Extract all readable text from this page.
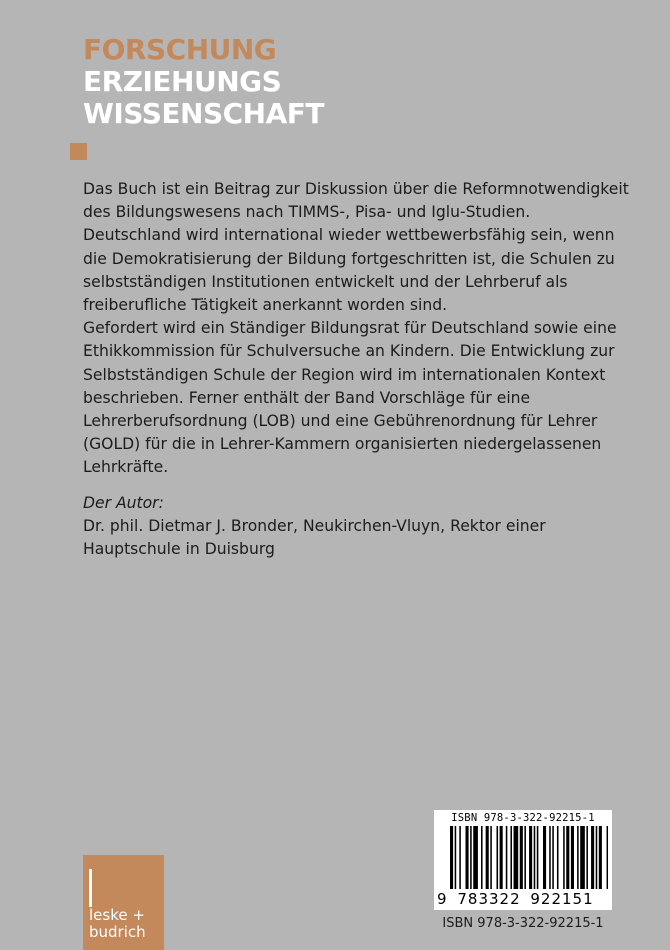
FORSCHUNG
ERZIEHUNGS
WISSENSCHAFT

Das Buch ist ein Beitrag zur Diskussion über die Reformnotwendigkeit des Bildungswesens nach TIMMS-, Pisa- und Iglu-Studien.

Deutschland wird international wieder wettbewerbsfähig sein, wenn die Demokratisierung der Bildung fortgeschritten ist, die Schulen zu selbstständigen Institutionen entwickelt und der Lehrberuf als freiberufliche Tätigkeit anerkannt worden sind.

Gefordert wird ein Ständiger Bildungsrat für Deutschland sowie eine Ethikkommission für Schulversuche an Kindern. Die Entwicklung zur Selbstständigen Schule der Region wird im internationalen Kontext beschrieben. Ferner enthält der Band Vorschläge für eine Lehrerberufsordnung (LOB) und eine Gebührenordnung für Lehrer (GOLD) für die in Lehrer-Kammern organisierten niedergelassenen Lehrkräfte.

Der Autor:

Dr. phil. Dietmar J. Bronder, Neukirchen-Vluyn, Rektor einer Hauptschule in Duisburg

ISBN 978-3-322-92215-1
9 783322 922151
ISBN 978-3-322-92215-1
leske +
budrich
